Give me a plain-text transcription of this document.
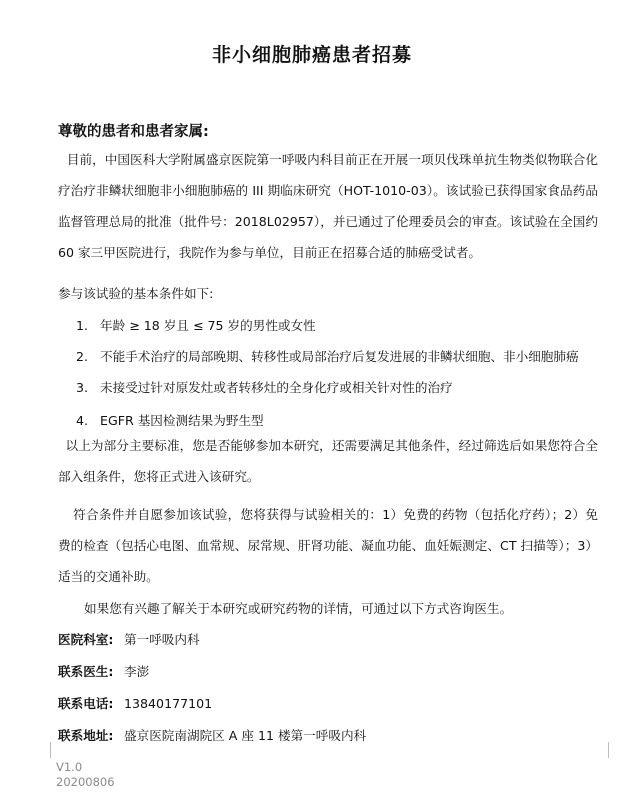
非小细胞肺癌患者招募
尊敬的患者和患者家属:

目前，中国医科大学附属盛京医院第一呼吸内科目前正在开展一项贝伐珠单抗生物类似物联合化疗治疗非鳞状细胞非小细胞肺癌的 III 期临床研究（HOT-1010-03）。该试验已获得国家食品药品监督管理总局的批准（批件号：2018L02957），并已通过了伦理委员会的审查。该试验在全国约 60 家三甲医院进行，我院作为参与单位，目前正在招募合适的肺癌受试者。

参与该试验的基本条件如下:
1. 年龄 ≥ 18 岁且 ≤ 75 岁的男性或女性
2. 不能手术治疗的局部晚期、转移性或局部治疗后复发进展的非鳞状细胞、非小细胞肺癌
3. 未接受过针对原发灶或者转移灶的全身化疗或相关针对性的治疗
4. EGFR 基因检测结果为野生型

以上为部分主要标准，您是否能够参加本研究，还需要满足其他条件，经过筛选后如果您符合全部入组条件，您将正式进入该研究。

符合条件并自愿参加该试验，您将获得与试验相关的：1）免费的药物（包括化疗药）；2）免费的检查（包括心电图、血常规、尿常规、肝肾功能、凝血功能、血妊娠测定、CT 扫描等）；3）适当的交通补助。

如果您有兴趣了解关于本研究或研究药物的详情，可通过以下方式咨询医生。
医院科室: 第一呼吸内科
联系医生: 李澎
联系电话: 13840177101
联系地址: 盛京医院南湖院区 A 座 11 楼第一呼吸内科
V1.0
20200806
